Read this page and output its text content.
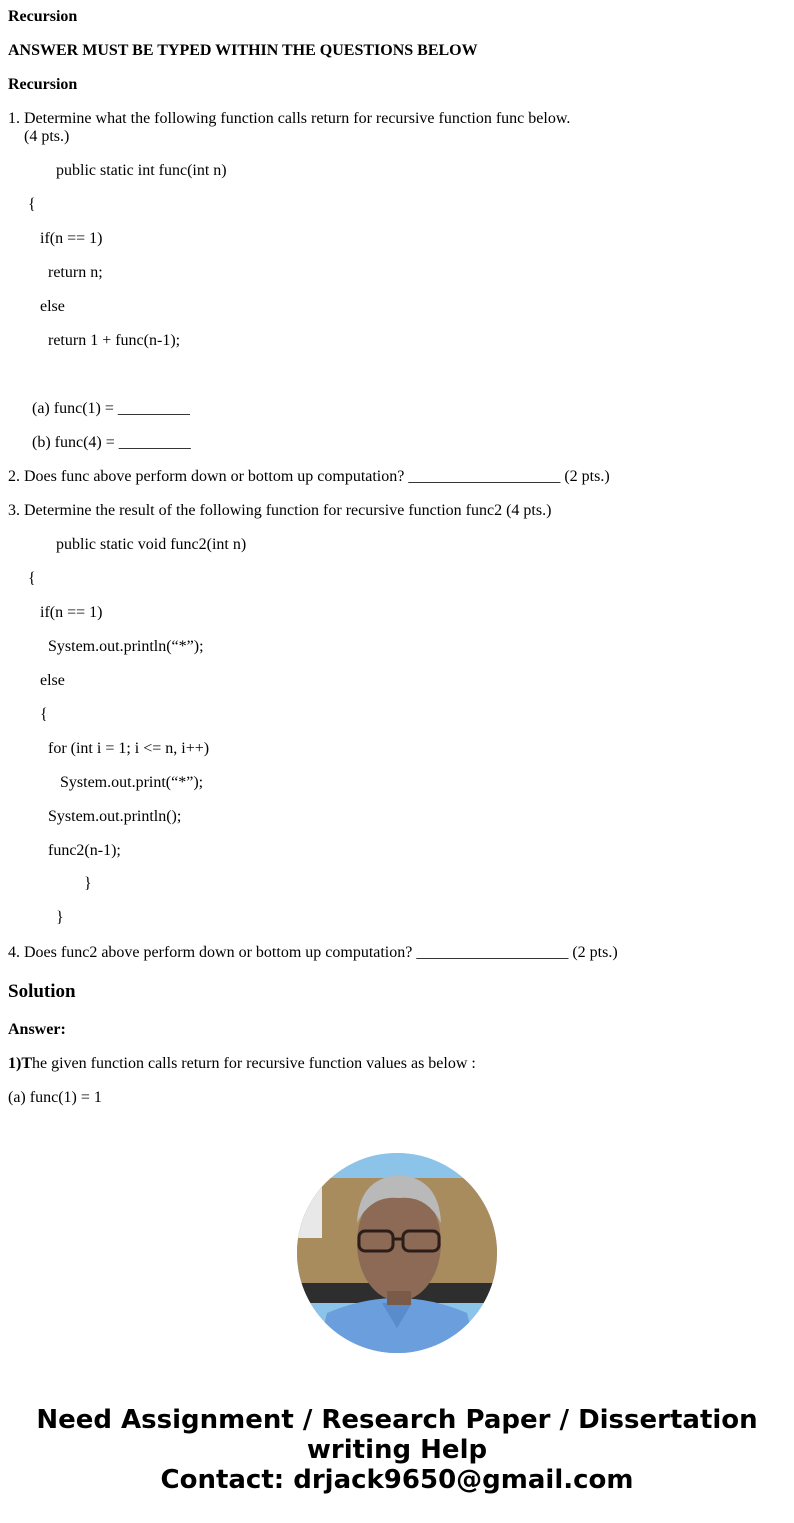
Recursion
ANSWER MUST BE TYPED WITHIN THE QUESTIONS BELOW
Recursion
1. Determine what the following function calls return for recursive function func below.
(4 pts.)
public static int func(int n)
{
if(n == 1)
return n;
else
return 1 + func(n-1);
(a) func(1) = _________
(b) func(4) = _________
2. Does func above perform down or bottom up computation? ___________________ (2 pts.)
3. Determine the result of the following function for recursive function func2 (4 pts.)
public static void func2(int n)
{
if(n == 1)
System.out.println(“*”);
else
{
for (int i = 1; i <= n, i++)
System.out.print(“*”);
System.out.println();
func2(n-1);
}
}
4. Does func2 above perform down or bottom up computation? ___________________ (2 pts.)
Solution
Answer:
1)The given function calls return for recursive function values as below :
(a) func(1) = 1
Need Assignment / Research Paper / Dissertation
writing Help
Contact: drjack9650@gmail.com
